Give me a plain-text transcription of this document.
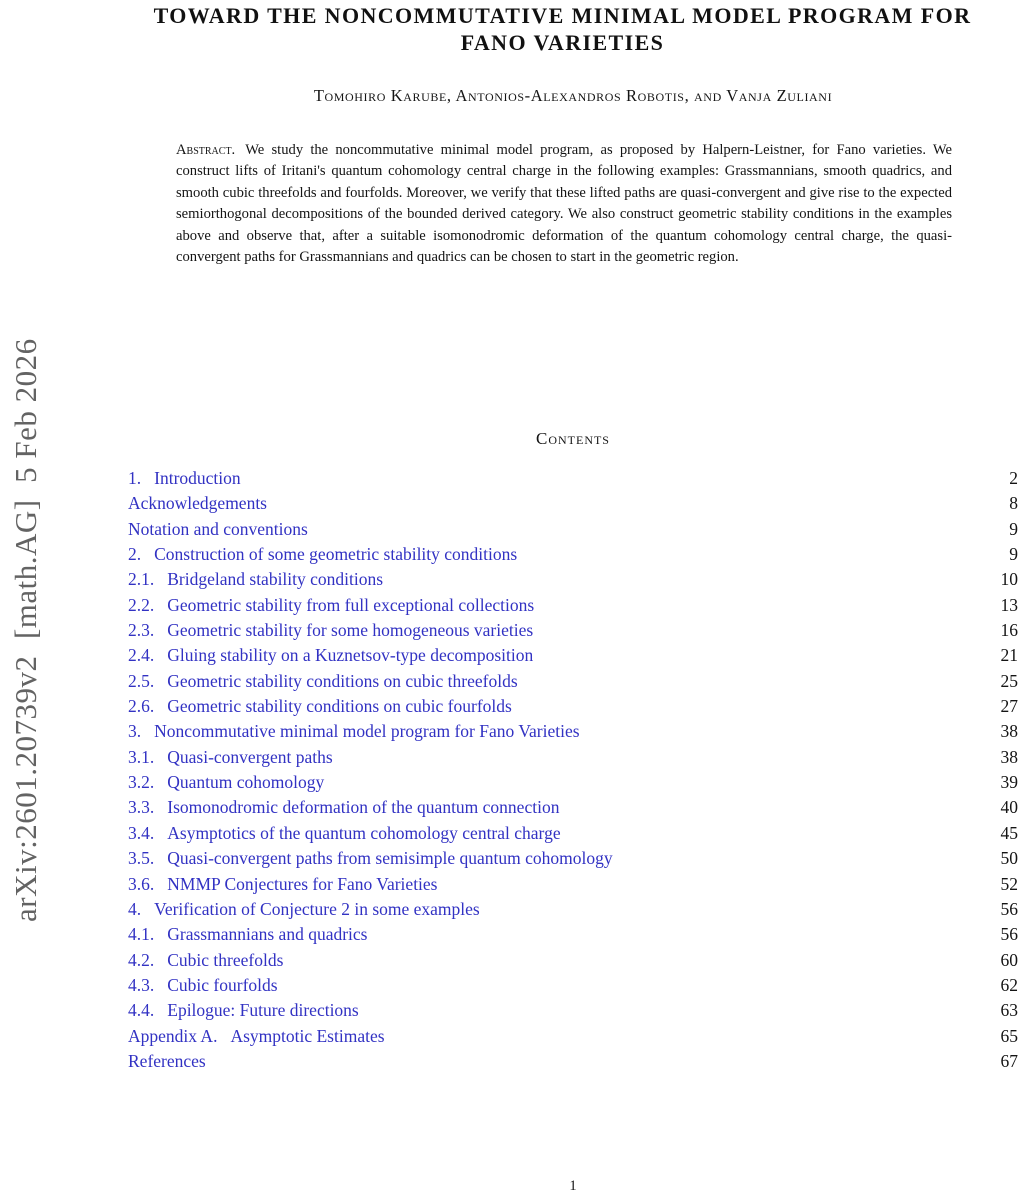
arXiv:2601.20739v2  [math.AG]  5 Feb 2026
TOWARD THE NONCOMMUTATIVE MINIMAL MODEL PROGRAM FOR
FANO VARIETIES
Tomohiro Karube, Antonios-Alexandros Robotis, and Vanja Zuliani

Abstract. We study the noncommutative minimal model program, as proposed by Halpern-Leistner, for Fano varieties. We construct lifts of Iritani's quantum cohomology central charge in the following examples: Grassmannians, smooth quadrics, and smooth cubic threefolds and fourfolds. Moreover, we verify that these lifted paths are quasi-convergent and give rise to the expected semiorthogonal decompositions of the bounded derived category. We also construct geometric stability conditions in the examples above and observe that, after a suitable isomonodromic deformation of the quantum cohomology central charge, the quasi-convergent paths for Grassmannians and quadrics can be chosen to start in the geometric region.

Contents
1. Introduction	2
Acknowledgements	8
Notation and conventions	9
2. Construction of some geometric stability conditions	9
2.1. Bridgeland stability conditions	10
2.2. Geometric stability from full exceptional collections	13
2.3. Geometric stability for some homogeneous varieties	16
2.4. Gluing stability on a Kuznetsov-type decomposition	21
2.5. Geometric stability conditions on cubic threefolds	25
2.6. Geometric stability conditions on cubic fourfolds	27
3. Noncommutative minimal model program for Fano Varieties	38
3.1. Quasi-convergent paths	38
3.2. Quantum cohomology	39
3.3. Isomonodromic deformation of the quantum connection	40
3.4. Asymptotics of the quantum cohomology central charge	45
3.5. Quasi-convergent paths from semisimple quantum cohomology	50
3.6. NMMP Conjectures for Fano Varieties	52
4. Verification of Conjecture 2 in some examples	56
4.1. Grassmannians and quadrics	56
4.2. Cubic threefolds	60
4.3. Cubic fourfolds	62
4.4. Epilogue: Future directions	63
Appendix A. Asymptotic Estimates	65
References	67
1
